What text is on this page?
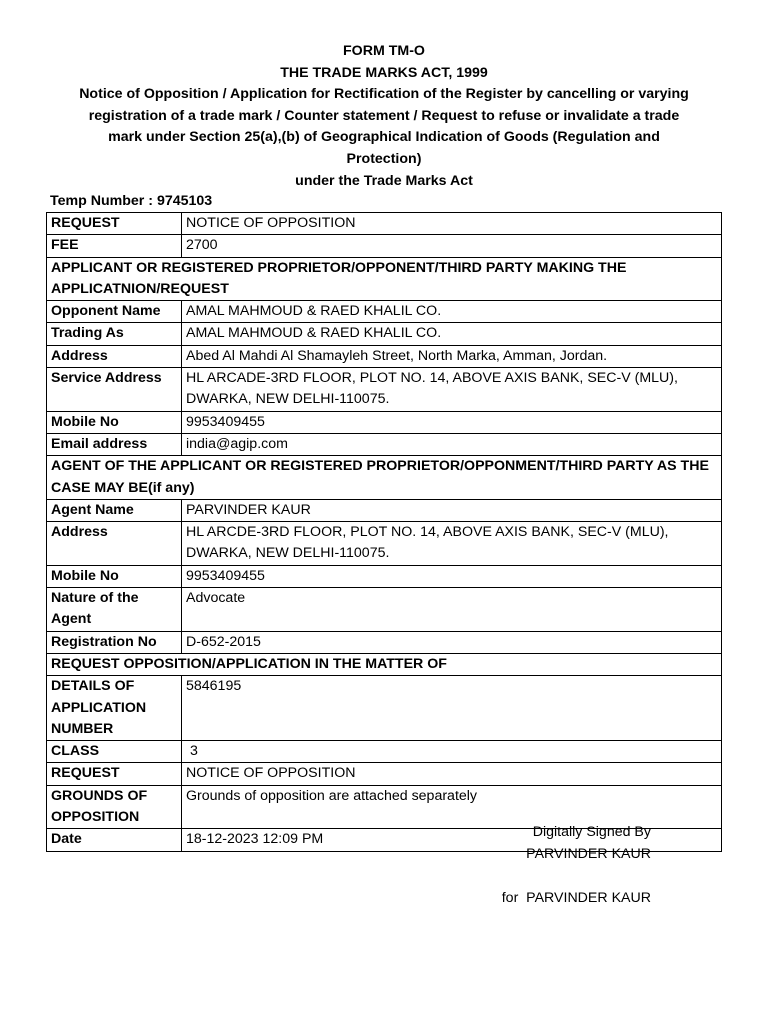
FORM TM-O
THE TRADE MARKS ACT, 1999
Notice of Opposition / Application for Rectification of the Register by cancelling or varying
registration of a trade mark / Counter statement / Request to refuse or invalidate a trade
mark under Section 25(a),(b) of Geographical Indication of Goods (Regulation and
Protection)
under the Trade Marks Act
Temp Number : 9745103
REQUEST	NOTICE OF OPPOSITION
FEE	2700
APPLICANT OR REGISTERED PROPRIETOR/OPPONENT/THIRD PARTY MAKING THE APPLICATNION/REQUEST	
Opponent Name	AMAL MAHMOUD & RAED KHALIL CO.
Trading As	AMAL MAHMOUD & RAED KHALIL CO.
Address	Abed Al Mahdi Al Shamayleh Street, North Marka, Amman, Jordan.
Service Address	HL ARCADE-3RD FLOOR, PLOT NO. 14, ABOVE AXIS BANK, SEC-V (MLU), DWARKA, NEW DELHI-110075.
Mobile No	9953409455
Email address	india@agip.com
AGENT OF THE APPLICANT OR REGISTERED PROPRIETOR/OPPONMENT/THIRD PARTY AS THE CASE MAY BE(if any)	
Agent Name	PARVINDER KAUR
Address	HL ARCDE-3RD FLOOR, PLOT NO. 14, ABOVE AXIS BANK, SEC-V (MLU), DWARKA, NEW DELHI-110075.
Mobile No	9953409455
Nature of the Agent	Advocate
Registration No	D-652-2015
REQUEST OPPOSITION/APPLICATION IN THE MATTER OF	
DETAILS OF APPLICATION NUMBER	5846195
CLASS	3
REQUEST	NOTICE OF OPPOSITION
GROUNDS OF OPPOSITION	Grounds of opposition are attached separately
Date	18-12-2023 12:09 PM	Digitally Signed By
PARVINDER KAUR
for  PARVINDER KAUR
